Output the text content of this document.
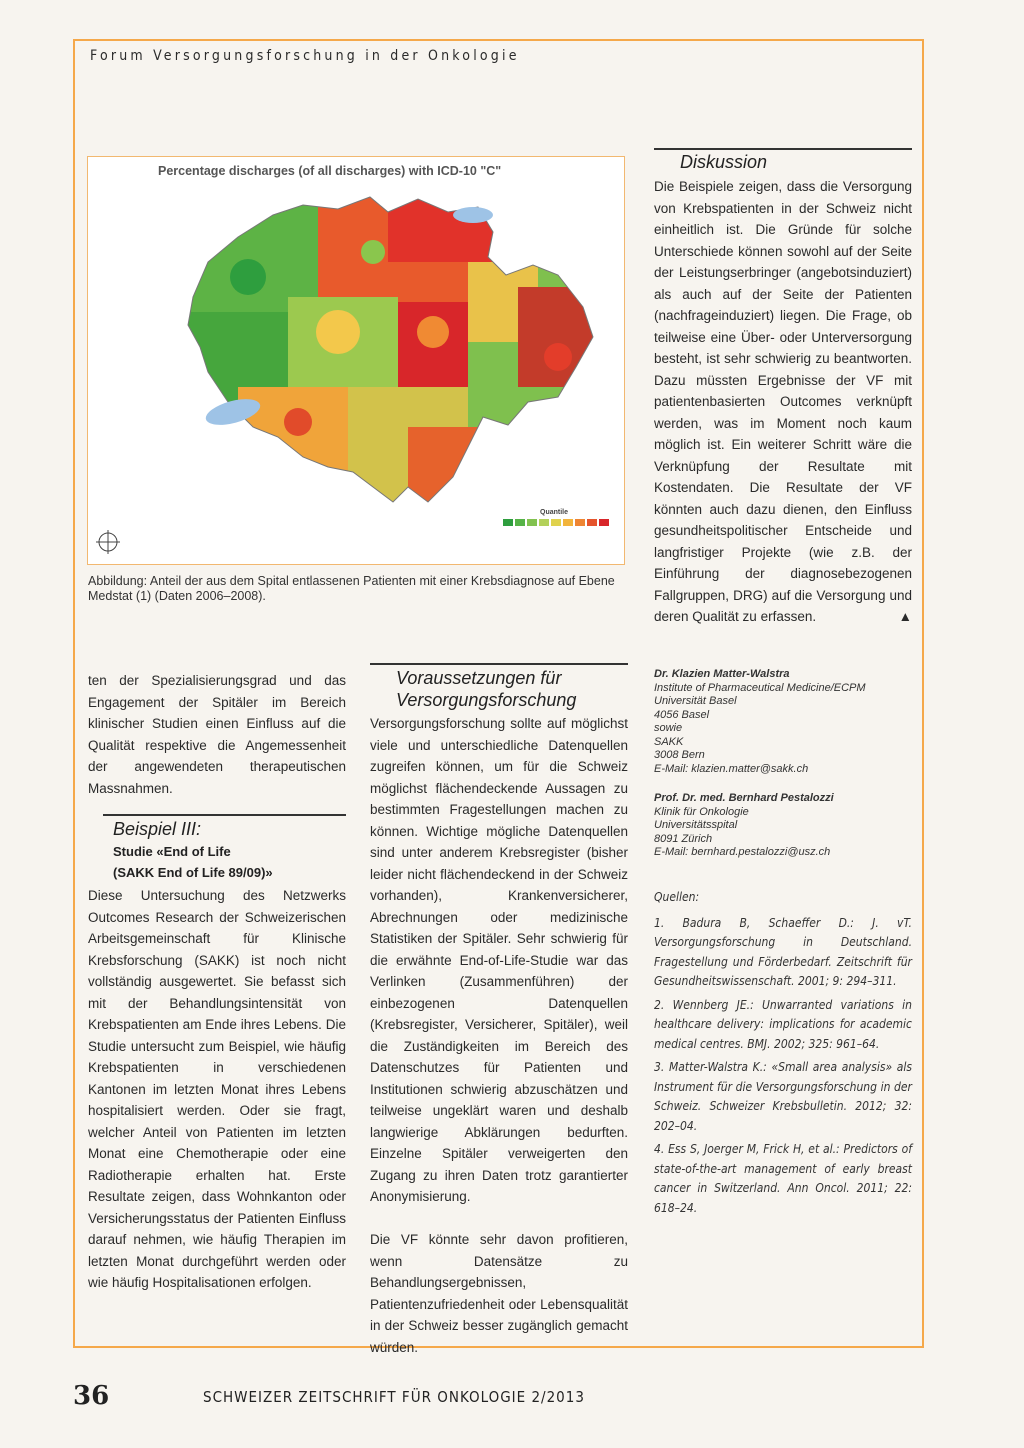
Forum Versorgungsforschung in der Onkologie
Percentage discharges (of all discharges) with ICD-10 "C"
Quantile
Abbildung: Anteil der aus dem Spital entlassenen Patienten mit einer Krebsdiagnose auf Ebene Medstat (1) (Daten 2006–2008).
ten der Spezialisierungsgrad und das Engagement der Spitäler im Bereich klinischer Studien einen Einfluss auf die Qualität respektive die Angemessenheit der angewendeten therapeutischen Massnahmen.
Beispiel III:
Studie «End of Life
(SAKK End of Life 89/09)»
Diese Untersuchung des Netzwerks Outcomes Research der Schweizerischen Arbeitsgemeinschaft für Klinische Krebsforschung (SAKK) ist noch nicht vollständig ausgewertet. Sie befasst sich mit der Behandlungsintensität von Krebspatienten am Ende ihres Lebens. Die Studie untersucht zum Beispiel, wie häufig Krebspatienten in verschiedenen Kantonen im letzten Monat ihres Lebens hospitalisiert werden. Oder sie fragt, welcher Anteil von Patienten im letzten Monat eine Chemotherapie oder eine Radiotherapie erhalten hat. Erste Resultate zeigen, dass Wohnkanton oder Versicherungsstatus der Patienten Einfluss darauf nehmen, wie häufig Therapien im letzten Monat durchgeführt werden oder wie häufig Hospitalisationen erfolgen.
Voraussetzungen für
Versorgungsforschung
Versorgungsforschung sollte auf möglichst viele und unterschiedliche Datenquellen zugreifen können, um für die Schweiz möglichst flächendeckende Aussagen zu bestimmten Fragestellungen machen zu können. Wichtige mögliche Datenquellen sind unter anderem Krebsregister (bisher leider nicht flächendeckend in der Schweiz vorhanden), Krankenversicherer, Abrechnungen oder medizinische Statistiken der Spitäler. Sehr schwierig für die erwähnte End-of-Life-Studie war das Verlinken (Zusammenführen) der einbezogenen Datenquellen (Krebsregister, Versicherer, Spitäler), weil die Zuständigkeiten im Bereich des Datenschutzes für Patienten und Institutionen schwierig abzuschätzen und teilweise ungeklärt waren und deshalb langwierige Abklärungen bedurften. Einzelne Spitäler verweigerten den Zugang zu ihren Daten trotz garantierter Anonymisierung.
Die VF könnte sehr davon profitieren, wenn Datensätze zu Behandlungsergebnissen, Patientenzufriedenheit oder Lebensqualität in der Schweiz besser zugänglich gemacht würden.
Diskussion
Die Beispiele zeigen, dass die Versorgung von Krebspatienten in der Schweiz nicht einheitlich ist. Die Gründe für solche Unterschiede können sowohl auf der Seite der Leistungserbringer (angebotsinduziert) als auch auf der Seite der Patienten (nachfrageinduziert) liegen. Die Frage, ob teilweise eine Über- oder Unterversorgung besteht, ist sehr schwierig zu beantworten. Dazu müssten Ergebnisse der VF mit patientenbasierten Outcomes verknüpft werden, was im Moment noch kaum möglich ist. Ein weiterer Schritt wäre die Verknüpfung der Resultate mit Kostendaten. Die Resultate der VF könnten auch dazu dienen, den Einfluss gesundheitspolitischer Entscheide und langfristiger Projekte (wie z.B. der Einführung der diagnosebezogenen Fallgruppen, DRG) auf die Versorgung und deren Qualität zu erfassen.	▲
Dr. Klazien Matter-Walstra
Institute of Pharmaceutical Medicine/ECPM
Universität Basel
4056 Basel
sowie
SAKK
3008 Bern
E-Mail: klazien.matter@sakk.ch
Prof. Dr. med. Bernhard Pestalozzi
Klinik für Onkologie
Universitätsspital
8091 Zürich
E-Mail: bernhard.pestalozzi@usz.ch

Quellen:

1. Badura B, Schaeffer D.: J. vT. Versorgungsforschung in Deutschland. Fragestellung und Förderbedarf. Zeitschrift für Gesundheitswissenschaft. 2001; 9: 294–311.

2. Wennberg JE.: Unwarranted variations in healthcare delivery: implications for academic medical centres. BMJ. 2002; 325: 961–64.

3. Matter-Walstra K.: «Small area analysis» als Instrument für die Versorgungsforschung in der Schweiz. Schweizer Krebsbulletin. 2012; 32: 202–04.

4. Ess S, Joerger M, Frick H, et al.: Predictors of state-of-the-art management of early breast cancer in Switzerland. Ann Oncol. 2011; 22: 618–24.

36	SCHWEIZER ZEITSCHRIFT FÜR ONKOLOGIE 2/2013
